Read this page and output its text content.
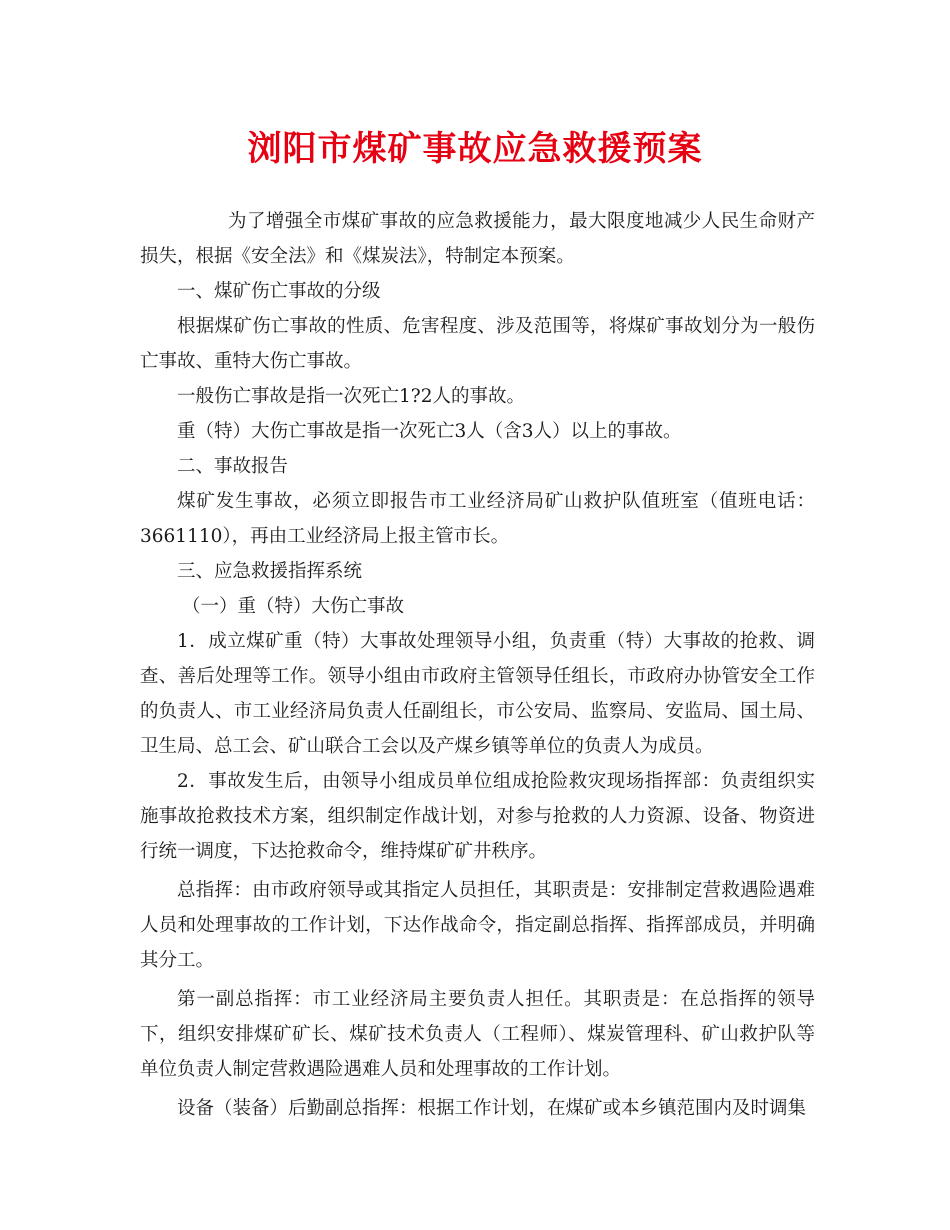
浏阳市煤矿事故应急救援预案

为了增强全市煤矿事故的应急救援能力，最大限度地减少人民生命财产损失，根据《安全法》和《煤炭法》，特制定本预案。

一、煤矿伤亡事故的分级

根据煤矿伤亡事故的性质、危害程度、涉及范围等，将煤矿事故划分为一般伤亡事故、重特大伤亡事故。

一般伤亡事故是指一次死亡1?2人的事故。

重（特）大伤亡事故是指一次死亡3人（含3人）以上的事故。

二、事故报告

煤矿发生事故，必须立即报告市工业经济局矿山救护队值班室（值班电话：3661110），再由工业经济局上报主管市长。

三、应急救援指挥系统

（一）重（特）大伤亡事故

1．成立煤矿重（特）大事故处理领导小组，负责重（特）大事故的抢救、调查、善后处理等工作。领导小组由市政府主管领导任组长，市政府办协管安全工作的负责人、市工业经济局负责人任副组长，市公安局、监察局、安监局、国土局、卫生局、总工会、矿山联合工会以及产煤乡镇等单位的负责人为成员。

2．事故发生后，由领导小组成员单位组成抢险救灾现场指挥部：负责组织实施事故抢救技术方案，组织制定作战计划，对参与抢救的人力资源、设备、物资进行统一调度，下达抢救命令，维持煤矿矿井秩序。

总指挥：由市政府领导或其指定人员担任，其职责是：安排制定营救遇险遇难人员和处理事故的工作计划，下达作战命令，指定副总指挥、指挥部成员，并明确其分工。

第一副总指挥：市工业经济局主要负责人担任。其职责是：在总指挥的领导下，组织安排煤矿矿长、煤矿技术负责人（工程师）、煤炭管理科、矿山救护队等单位负责人制定营救遇险遇难人员和处理事故的工作计划。

设备（装备）后勤副总指挥：根据工作计划，在煤矿或本乡镇范围内及时调集
